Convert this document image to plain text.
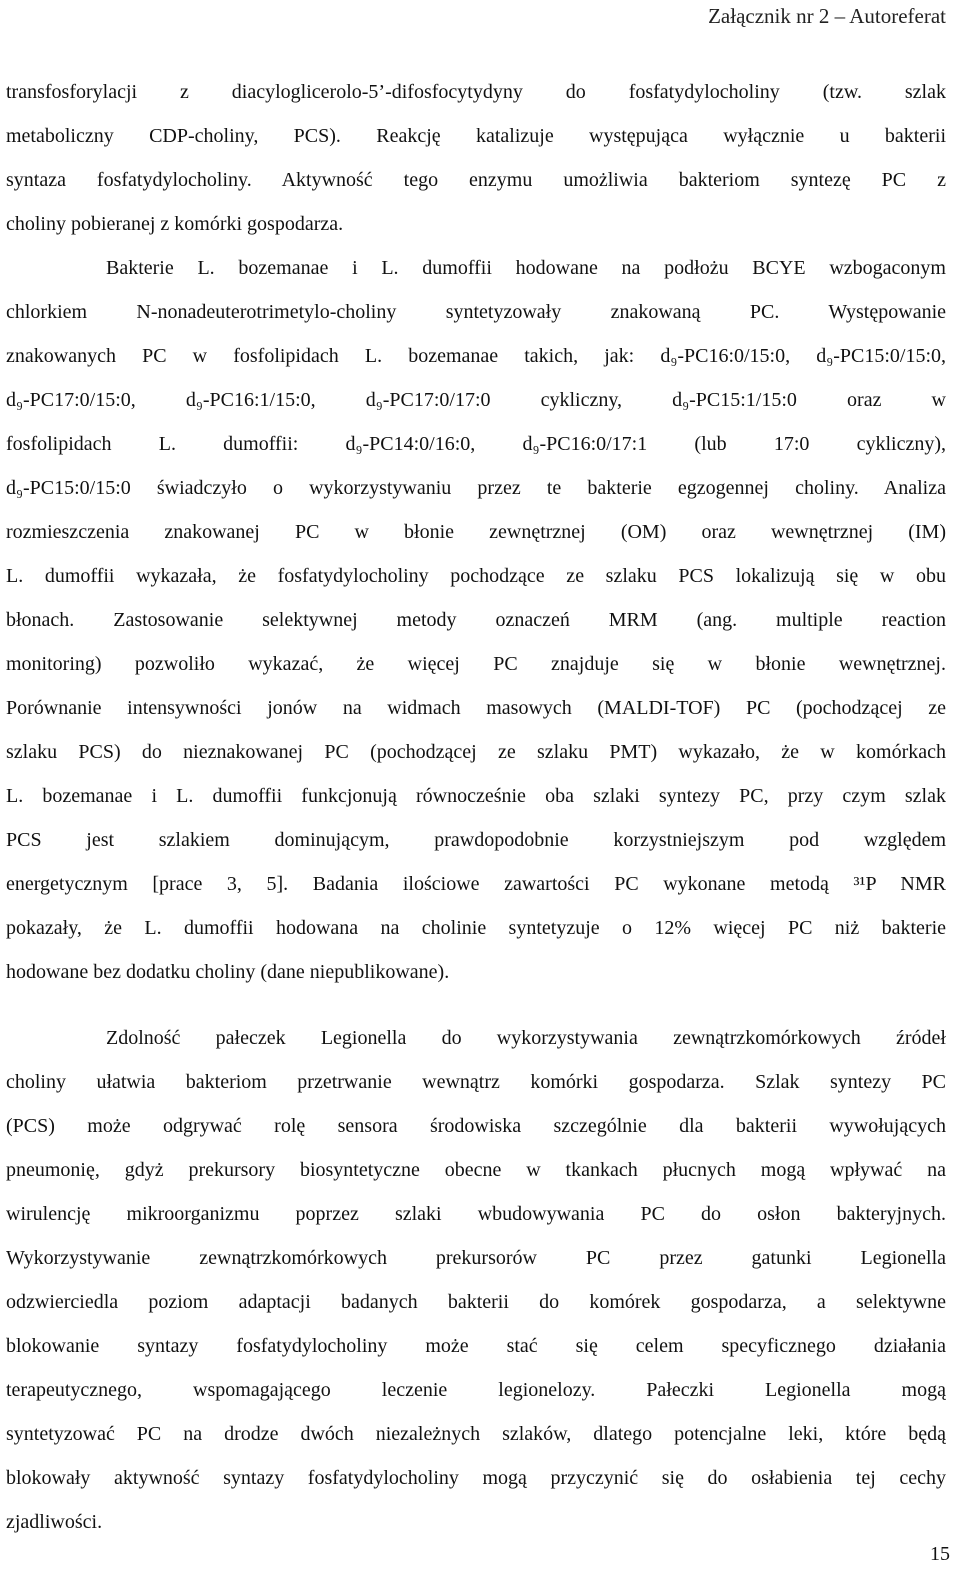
Załącznik nr 2 – Autoreferat
transfosforylacji z diacyloglicerolo-5’-difosfocytydyny do fosfatydylocholiny (tzw. szlak
metaboliczny CDP-choliny, PCS). Reakcję katalizuje występująca wyłącznie u bakterii
syntaza fosfatydylocholiny. Aktywność tego enzymu umożliwia bakteriom syntezę PC z
choliny pobieranej z komórki gospodarza.
Bakterie L. bozemanae i L. dumoffii hodowane na podłożu BCYE wzbogaconym
chlorkiem N-nonadeuterotrimetylo-choliny syntetyzowały znakowaną PC. Występowanie
znakowanych PC w fosfolipidach L. bozemanae takich, jak: d₉-PC16:0/15:0, d₉-PC15:0/15:0,
d₉-PC17:0/15:0, d₉-PC16:1/15:0, d₉-PC17:0/17:0 cykliczny, d₉-PC15:1/15:0 oraz w
fosfolipidach L. dumoffii: d₉-PC14:0/16:0, d₉-PC16:0/17:1 (lub 17:0 cykliczny),
d₉-PC15:0/15:0 świadczyło o wykorzystywaniu przez te bakterie egzogennej choliny. Analiza
rozmieszczenia znakowanej PC w błonie zewnętrznej (OM) oraz wewnętrznej (IM)
L. dumoffii wykazała, że fosfatydylocholiny pochodzące ze szlaku PCS lokalizują się w obu
błonach. Zastosowanie selektywnej metody oznaczeń MRM (ang. multiple reaction
monitoring) pozwoliło wykazać, że więcej PC znajduje się w błonie wewnętrznej.
Porównanie intensywności jonów na widmach masowych (MALDI-TOF) PC (pochodzącej ze
szlaku PCS) do nieznakowanej PC (pochodzącej ze szlaku PMT) wykazało, że w komórkach
L. bozemanae i L. dumoffii funkcjonują równocześnie oba szlaki syntezy PC, przy czym szlak
PCS jest szlakiem dominującym, prawdopodobnie korzystniejszym pod względem
energetycznym [prace 3, 5]. Badania ilościowe zawartości PC wykonane metodą ³¹P NMR
pokazały, że L. dumoffii hodowana na cholinie syntetyzuje o 12% więcej PC niż bakterie
hodowane bez dodatku choliny (dane niepublikowane).
Zdolność pałeczek Legionella do wykorzystywania zewnątrzkomórkowych źródeł
choliny ułatwia bakteriom przetrwanie wewnątrz komórki gospodarza. Szlak syntezy PC
(PCS) może odgrywać rolę sensora środowiska szczególnie dla bakterii wywołujących
pneumonię, gdyż prekursory biosyntetyczne obecne w tkankach płucnych mogą wpływać na
wirulencję mikroorganizmu poprzez szlaki wbudowywania PC do osłon bakteryjnych.
Wykorzystywanie zewnątrzkomórkowych prekursorów PC przez gatunki Legionella
odzwierciedla poziom adaptacji badanych bakterii do komórek gospodarza, a selektywne
blokowanie syntazy fosfatydylocholiny może stać się celem specyficznego działania
terapeutycznego, wspomagającego leczenie legionelozy. Pałeczki Legionella mogą
syntetyzować PC na drodze dwóch niezależnych szlaków, dlatego potencjalne leki, które będą
blokowały aktywność syntazy fosfatydylocholiny mogą przyczynić się do osłabienia tej cechy
zjadliwości.
15
